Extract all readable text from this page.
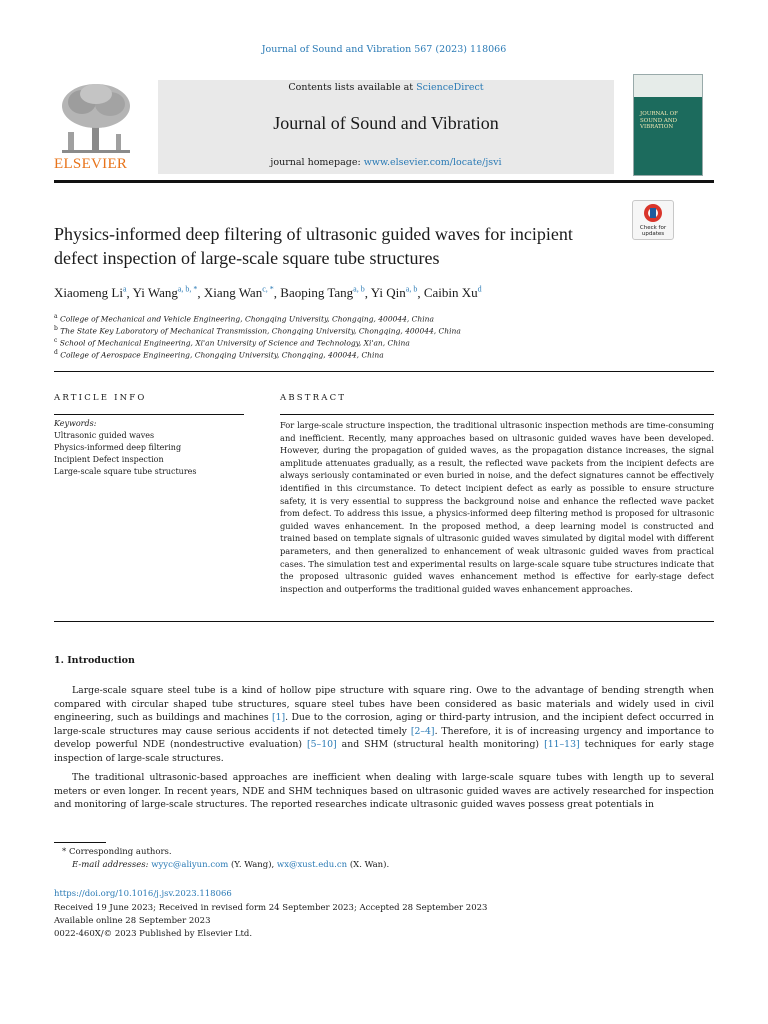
Journal of Sound and Vibration 567 (2023) 118066
ELSEVIER
Contents lists available at ScienceDirect
Journal of Sound and Vibration
journal homepage: www.elsevier.com/locate/jsvi
JOURNAL OF SOUND AND VIBRATION
Physics-informed deep filtering of ultrasonic guided waves for incipient defect inspection of large-scale square tube structures
Check for updates
Xiaomeng Li$^a$, Yi Wang$^{a, b, *}$, Xiang Wan$^{c, *}$, Baoping Tang$^{a, b}$, Yi Qin$^{a, b}$, Caibin Xu$^d$
$^a$ College of Mechanical and Vehicle Engineering, Chongqing University, Chongqing, 400044, China
$^b$ The State Key Laboratory of Mechanical Transmission, Chongqing University, Chongqing, 400044, China
$^c$ School of Mechanical Engineering, Xi'an University of Science and Technology, Xi'an, China
$^d$ College of Aerospace Engineering, Chongqing University, Chongqing, 400044, China
ARTICLE INFO
Keywords:
Ultrasonic guided waves
Physics-informed deep filtering
Incipient Defect inspection
Large-scale square tube structures
ABSTRACT
For large-scale structure inspection, the traditional ultrasonic inspection methods are time-consuming and inefficient. Recently, many approaches based on ultrasonic guided waves have been developed. However, during the propagation of guided waves, as the propagation distance increases, the signal amplitude attenuates gradually, as a result, the reflected wave packets from the incipient defects are always seriously contaminated or even buried in noise, and the defect signatures cannot be effectively identified in this circumstance. To detect incipient defect as early as possible to ensure structure safety, it is very essential to suppress the background noise and enhance the reflected wave packet from defect. To address this issue, a physics-informed deep filtering method is proposed for ultrasonic guided waves enhancement. In the proposed method, a deep learning model is constructed and trained based on template signals of ultrasonic guided waves simulated by digital model with different parameters, and then generalized to enhancement of weak ultrasonic guided waves from practical cases. The simulation test and experimental results on large-scale square tube structures indicate that the proposed ultrasonic guided waves enhancement method is effective for early-stage defect inspection and outperforms the traditional guided waves enhancement approaches.
1. Introduction

Large-scale square steel tube is a kind of hollow pipe structure with square ring. Owe to the advantage of bending strength when compared with circular shaped tube structures, square steel tubes have been considered as basic materials and widely used in civil engineering, such as buildings and machines [1]. Due to the corrosion, aging or third-party intrusion, and the incipient defect occurred in large-scale structures may cause serious accidents if not detected timely [2–4]. Therefore, it is of increasing urgency and importance to develop powerful NDE (nondestructive evaluation) [5–10] and SHM (structural health monitoring) [11–13] techniques for early stage inspection of large-scale structures.

The traditional ultrasonic-based approaches are inefficient when dealing with large-scale square tubes with length up to several meters or even longer. In recent years, NDE and SHM techniques based on ultrasonic guided waves are actively researched for inspection and monitoring of large-scale structures. The reported researches indicate ultrasonic guided waves possess great potentials in

* Corresponding authors.
E-mail addresses: wyyc@aliyun.com (Y. Wang), wx@xust.edu.cn (X. Wan).
https://doi.org/10.1016/j.jsv.2023.118066
Received 19 June 2023; Received in revised form 24 September 2023; Accepted 28 September 2023
Available online 28 September 2023
0022-460X/© 2023 Published by Elsevier Ltd.
